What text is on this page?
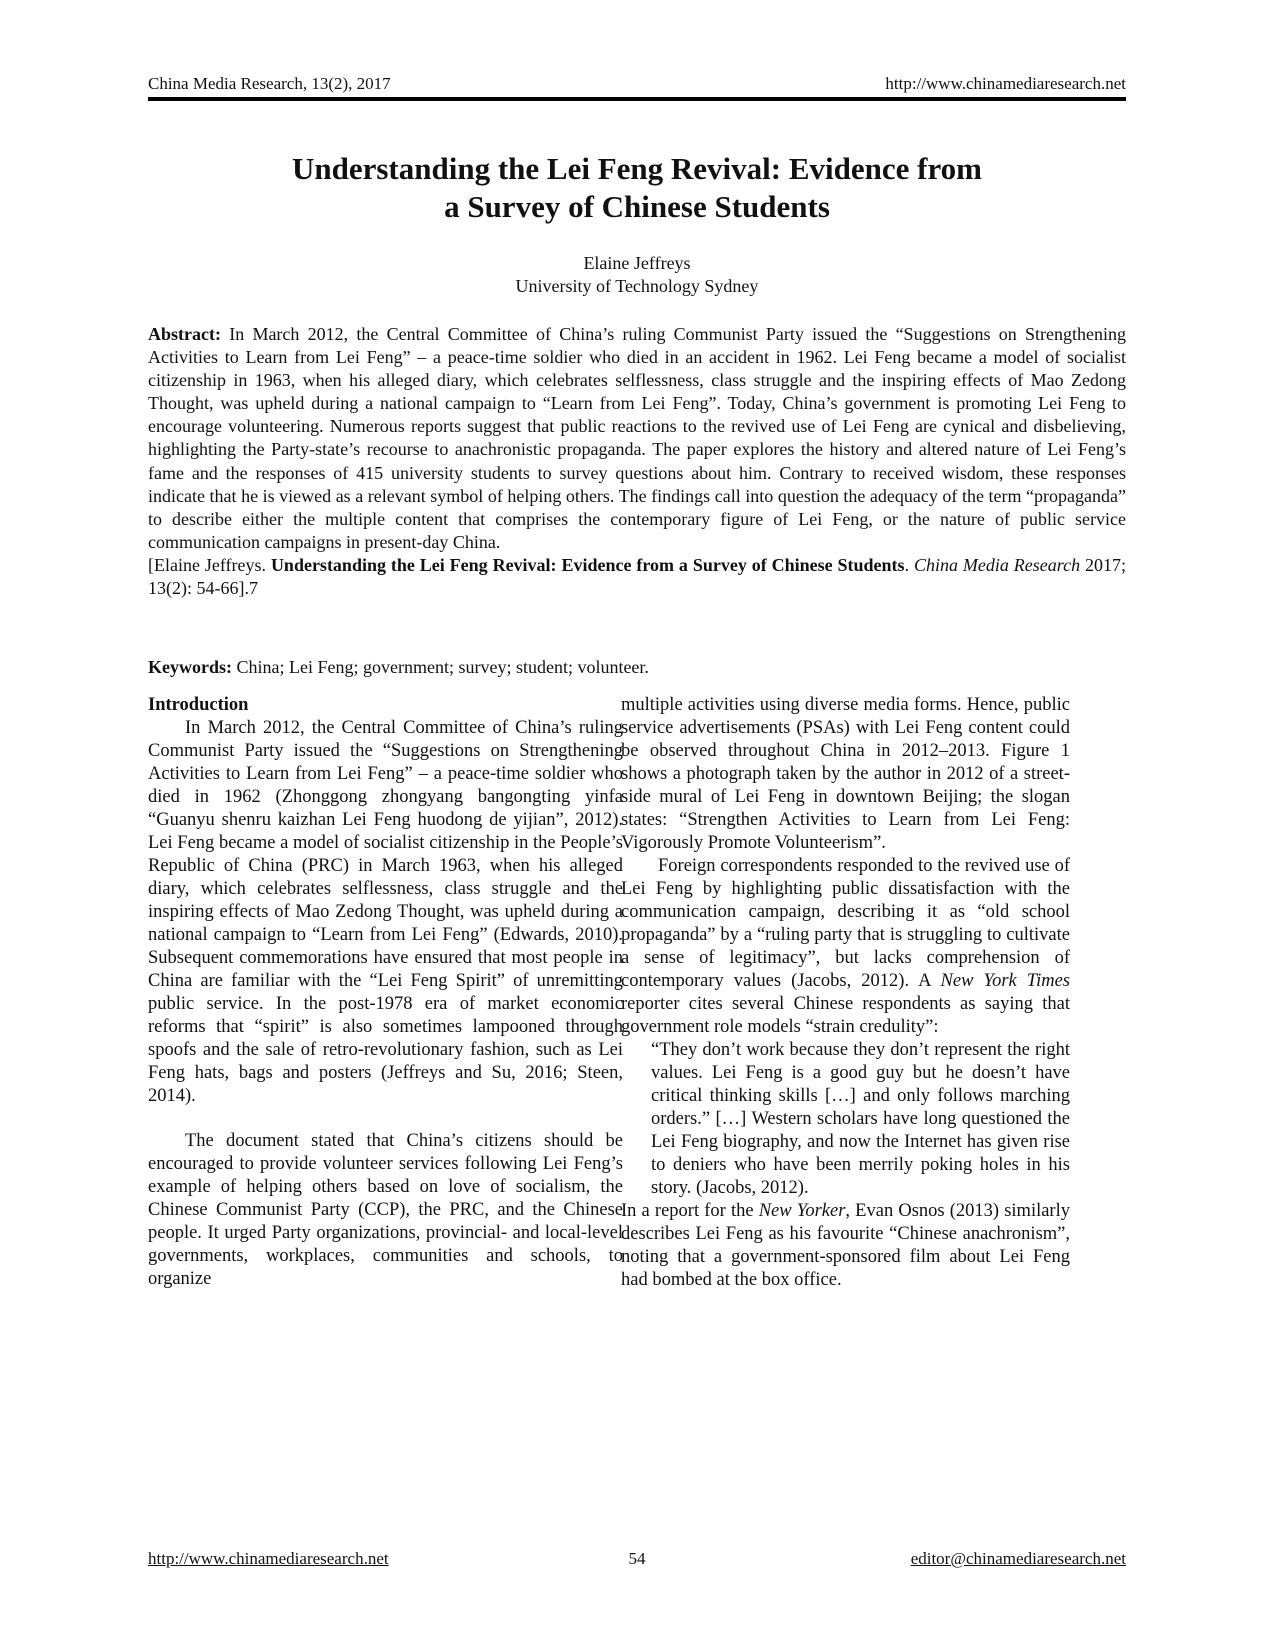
China Media Research, 13(2), 2017	http://www.chinamediaresearch.net
Understanding the Lei Feng Revival: Evidence from
a Survey of Chinese Students
Elaine Jeffreys
University of Technology Sydney

Abstract: In March 2012, the Central Committee of China’s ruling Communist Party issued the “Suggestions on Strengthening Activities to Learn from Lei Feng” – a peace-time soldier who died in an accident in 1962. Lei Feng became a model of socialist citizenship in 1963, when his alleged diary, which celebrates selflessness, class struggle and the inspiring effects of Mao Zedong Thought, was upheld during a national campaign to “Learn from Lei Feng”. Today, China’s government is promoting Lei Feng to encourage volunteering. Numerous reports suggest that public reactions to the revived use of Lei Feng are cynical and disbelieving, highlighting the Party-state’s recourse to anachronistic propaganda. The paper explores the history and altered nature of Lei Feng’s fame and the responses of 415 university students to survey questions about him. Contrary to received wisdom, these responses indicate that he is viewed as a relevant symbol of helping others. The findings call into question the adequacy of the term “propaganda” to describe either the multiple content that comprises the contemporary figure of Lei Feng, or the nature of public service communication campaigns in present-day China.

[Elaine Jeffreys. Understanding the Lei Feng Revival: Evidence from a Survey of Chinese Students. China Media Research 2017; 13(2): 54-66].7

Keywords: China; Lei Feng; government; survey; student; volunteer.

Introduction

In March 2012, the Central Committee of China’s ruling Communist Party issued the “Suggestions on Strengthening Activities to Learn from Lei Feng” – a peace-time soldier who died in 1962 (Zhonggong zhongyang bangongting yinfa “Guanyu shenru kaizhan Lei Feng huodong de yijian”, 2012). Lei Feng became a model of socialist citizenship in the People’s Republic of China (PRC) in March 1963, when his alleged diary, which celebrates selflessness, class struggle and the inspiring effects of Mao Zedong Thought, was upheld during a national campaign to “Learn from Lei Feng” (Edwards, 2010). Subsequent commemorations have ensured that most people in China are familiar with the “Lei Feng Spirit” of unremitting public service. In the post-1978 era of market economic reforms that “spirit” is also sometimes lampooned through spoofs and the sale of retro-revolutionary fashion, such as Lei Feng hats, bags and posters (Jeffreys and Su, 2016; Steen, 2014).

The document stated that China’s citizens should be encouraged to provide volunteer services following Lei Feng’s example of helping others based on love of socialism, the Chinese Communist Party (CCP), the PRC, and the Chinese people. It urged Party organizations, provincial- and local-level governments, workplaces, communities and schools, to organize

multiple activities using diverse media forms. Hence, public service advertisements (PSAs) with Lei Feng content could be observed throughout China in 2012–2013. Figure 1 shows a photograph taken by the author in 2012 of a street-side mural of Lei Feng in downtown Beijing; the slogan states: “Strengthen Activities to Learn from Lei Feng: Vigorously Promote Volunteerism”.

Foreign correspondents responded to the revived use of Lei Feng by highlighting public dissatisfaction with the communication campaign, describing it as “old school propaganda” by a “ruling party that is struggling to cultivate a sense of legitimacy”, but lacks comprehension of contemporary values (Jacobs, 2012). A New York Times reporter cites several Chinese respondents as saying that government role models “strain credulity”:

“They don’t work because they don’t represent the right values. Lei Feng is a good guy but he doesn’t have critical thinking skills […] and only follows marching orders.” […] Western scholars have long questioned the Lei Feng biography, and now the Internet has given rise to deniers who have been merrily poking holes in his story. (Jacobs, 2012).

In a report for the New Yorker, Evan Osnos (2013) similarly describes Lei Feng as his favourite “Chinese anachronism”, noting that a government-sponsored film about Lei Feng had bombed at the box office.

http://www.chinamediaresearch.net	54	editor@chinamediaresearch.net
